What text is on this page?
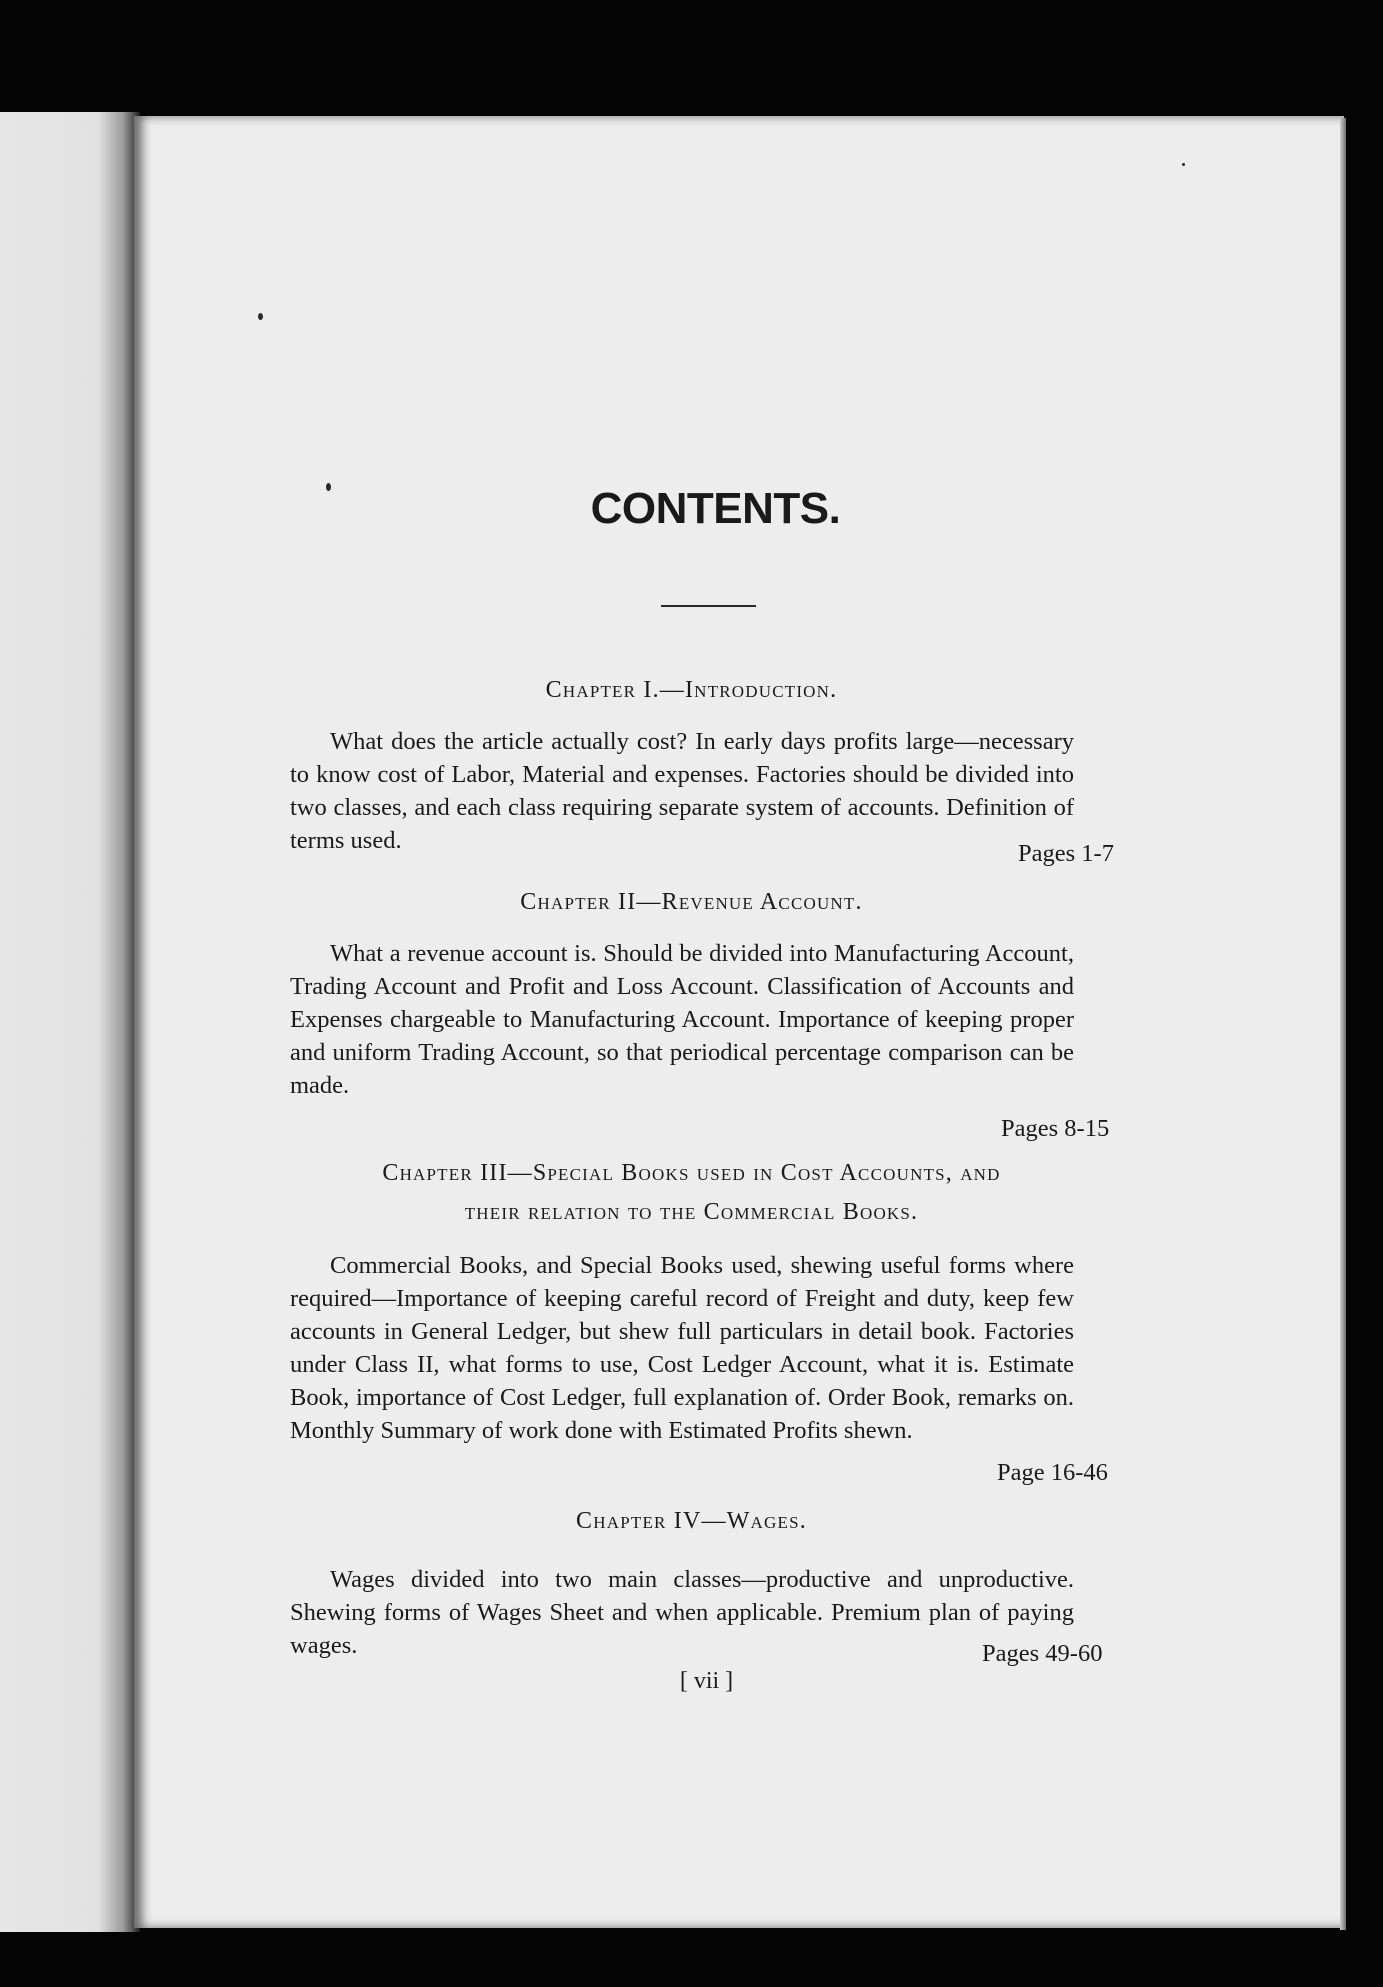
CONTENTS.
Chapter I.—Introduction.
What does the article actually cost? In early days profits large—necessary to know cost of Labor, Material and expenses. Factories should be divided into two classes, and each class requiring separate system of accounts. Definition of terms used.	Pages 1-7
Chapter II—Revenue Account.
What a revenue account is. Should be divided into Manufacturing Account, Trading Account and Profit and Loss Account. Classification of Accounts and Expenses chargeable to Manufacturing Account. Importance of keeping proper and uniform Trading Account, so that periodical percentage comparison can be made.
Pages 8-15
Chapter III—Special Books used in Cost Accounts, and
their relation to the Commercial Books.
Commercial Books, and Special Books used, shewing useful forms where required—Importance of keeping careful record of Freight and duty, keep few accounts in General Ledger, but shew full particulars in detail book. Factories under Class II, what forms to use, Cost Ledger Account, what it is. Estimate Book, importance of Cost Ledger, full explanation of. Order Book, remarks on. Monthly Summary of work done with Estimated Profits shewn.
Page 16-46
Chapter IV—Wages.
Wages divided into two main classes—productive and unproductive. Shewing forms of Wages Sheet and when applicable. Premium plan of paying wages.	Pages 49-60
[ vii ]
